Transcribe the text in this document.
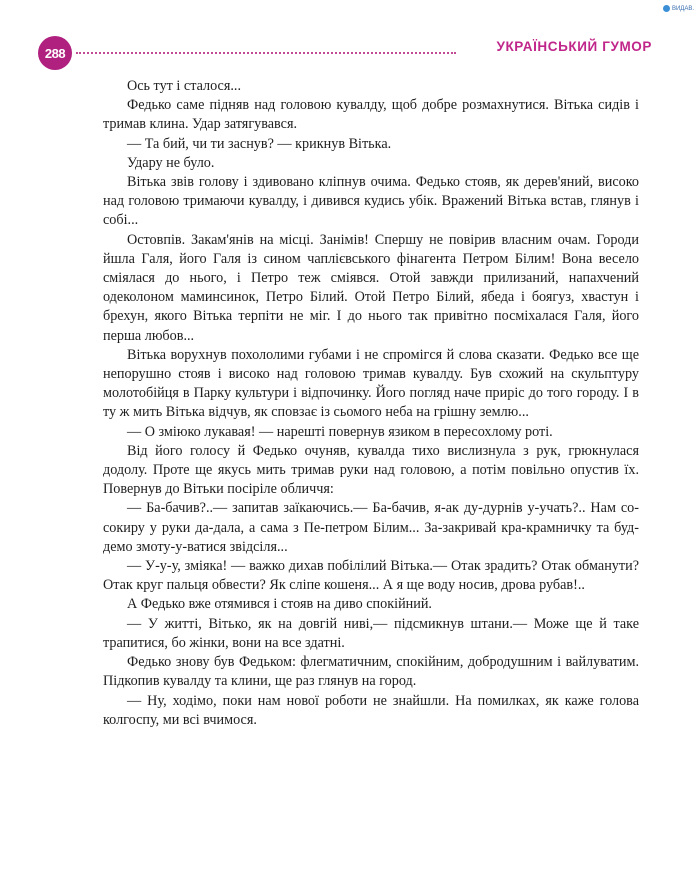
288	УКРАЇНСЬКИЙ ГУМОР
ВИДАВ.

Ось тут і сталося...

Федько саме підняв над головою кувалду, щоб добре розмахнутися. Вітька сидів і тримав клина. Удар затягувався.

— Та бий, чи ти заснув? — крикнув Вітька.

Удару не було.

Вітька звів голову і здивовано кліпнув очима. Федько стояв, як дерев'яний, високо над головою тримаючи кувалду, і дивився кудись убік. Вражений Вітька встав, глянув і собі...

Остовпів. Закам'янів на місці. Занімів! Спершу не повірив власним очам. Городи йшла Галя, його Галя із сином чаплієвського фінагента Петром Білим! Вона весело сміялася до нього, і Петро теж сміявся. Отой завжди прилизаний, напахчений одеколоном маминсинок, Петро Білий. Отой Петро Білий, ябеда і боягуз, хвастун і брехун, якого Вітька терпіти не міг. І до нього так привітно посміхалася Галя, його перша любов...

Вітька ворухнув похололими губами і не спромігся й слова сказати. Федько все ще непорушно стояв і високо над головою тримав кувалду. Був схожий на скульптуру молотобійця в Парку культури і відпочинку. Його погляд наче приріс до того городу. І в ту ж мить Вітька відчув, як сповзає із сьомого неба на грішну землю...

— О зміюко лукавая! — нарешті повернув язиком в пересохлому роті.

Від його голосу й Федько очуняв, кувалда тихо вислизнула з рук, грюкнулася додолу. Проте ще якусь мить тримав руки над головою, а потім повільно опустив їх. Повернув до Вітьки посіріле обличчя:

— Ба-бачив?..— запитав заїкаючись.— Ба-бачив, я-ак ду-дурнів у-учать?.. Нам со-сокиру у руки да-дала, а сама з Пе-петром Білим... За-закривай кра-крамничку та буд-демо змоту-у-ватися звідсіля...

— У-у-у, зміяка! — важко дихав побілілий Вітька.— Отак зрадить? Отак обманути? Отак круг пальця обвести? Як сліпе кошеня... А я ще воду носив, дрова рубав!..

А Федько вже отямився і стояв на диво спокійний.

— У житті, Вітько, як на довгій ниві,— підсмикнув штани.— Може ще й таке трапитися, бо жінки, вони на все здатні.

Федько знову був Федьком: флегматичним, спокійним, добродушним і вайлуватим. Підкопив кувалду та клини, ще раз глянув на город.

— Ну, ходімо, поки нам нової роботи не знайшли. На помилках, як каже голова колгоспу, ми всі вчимося.
